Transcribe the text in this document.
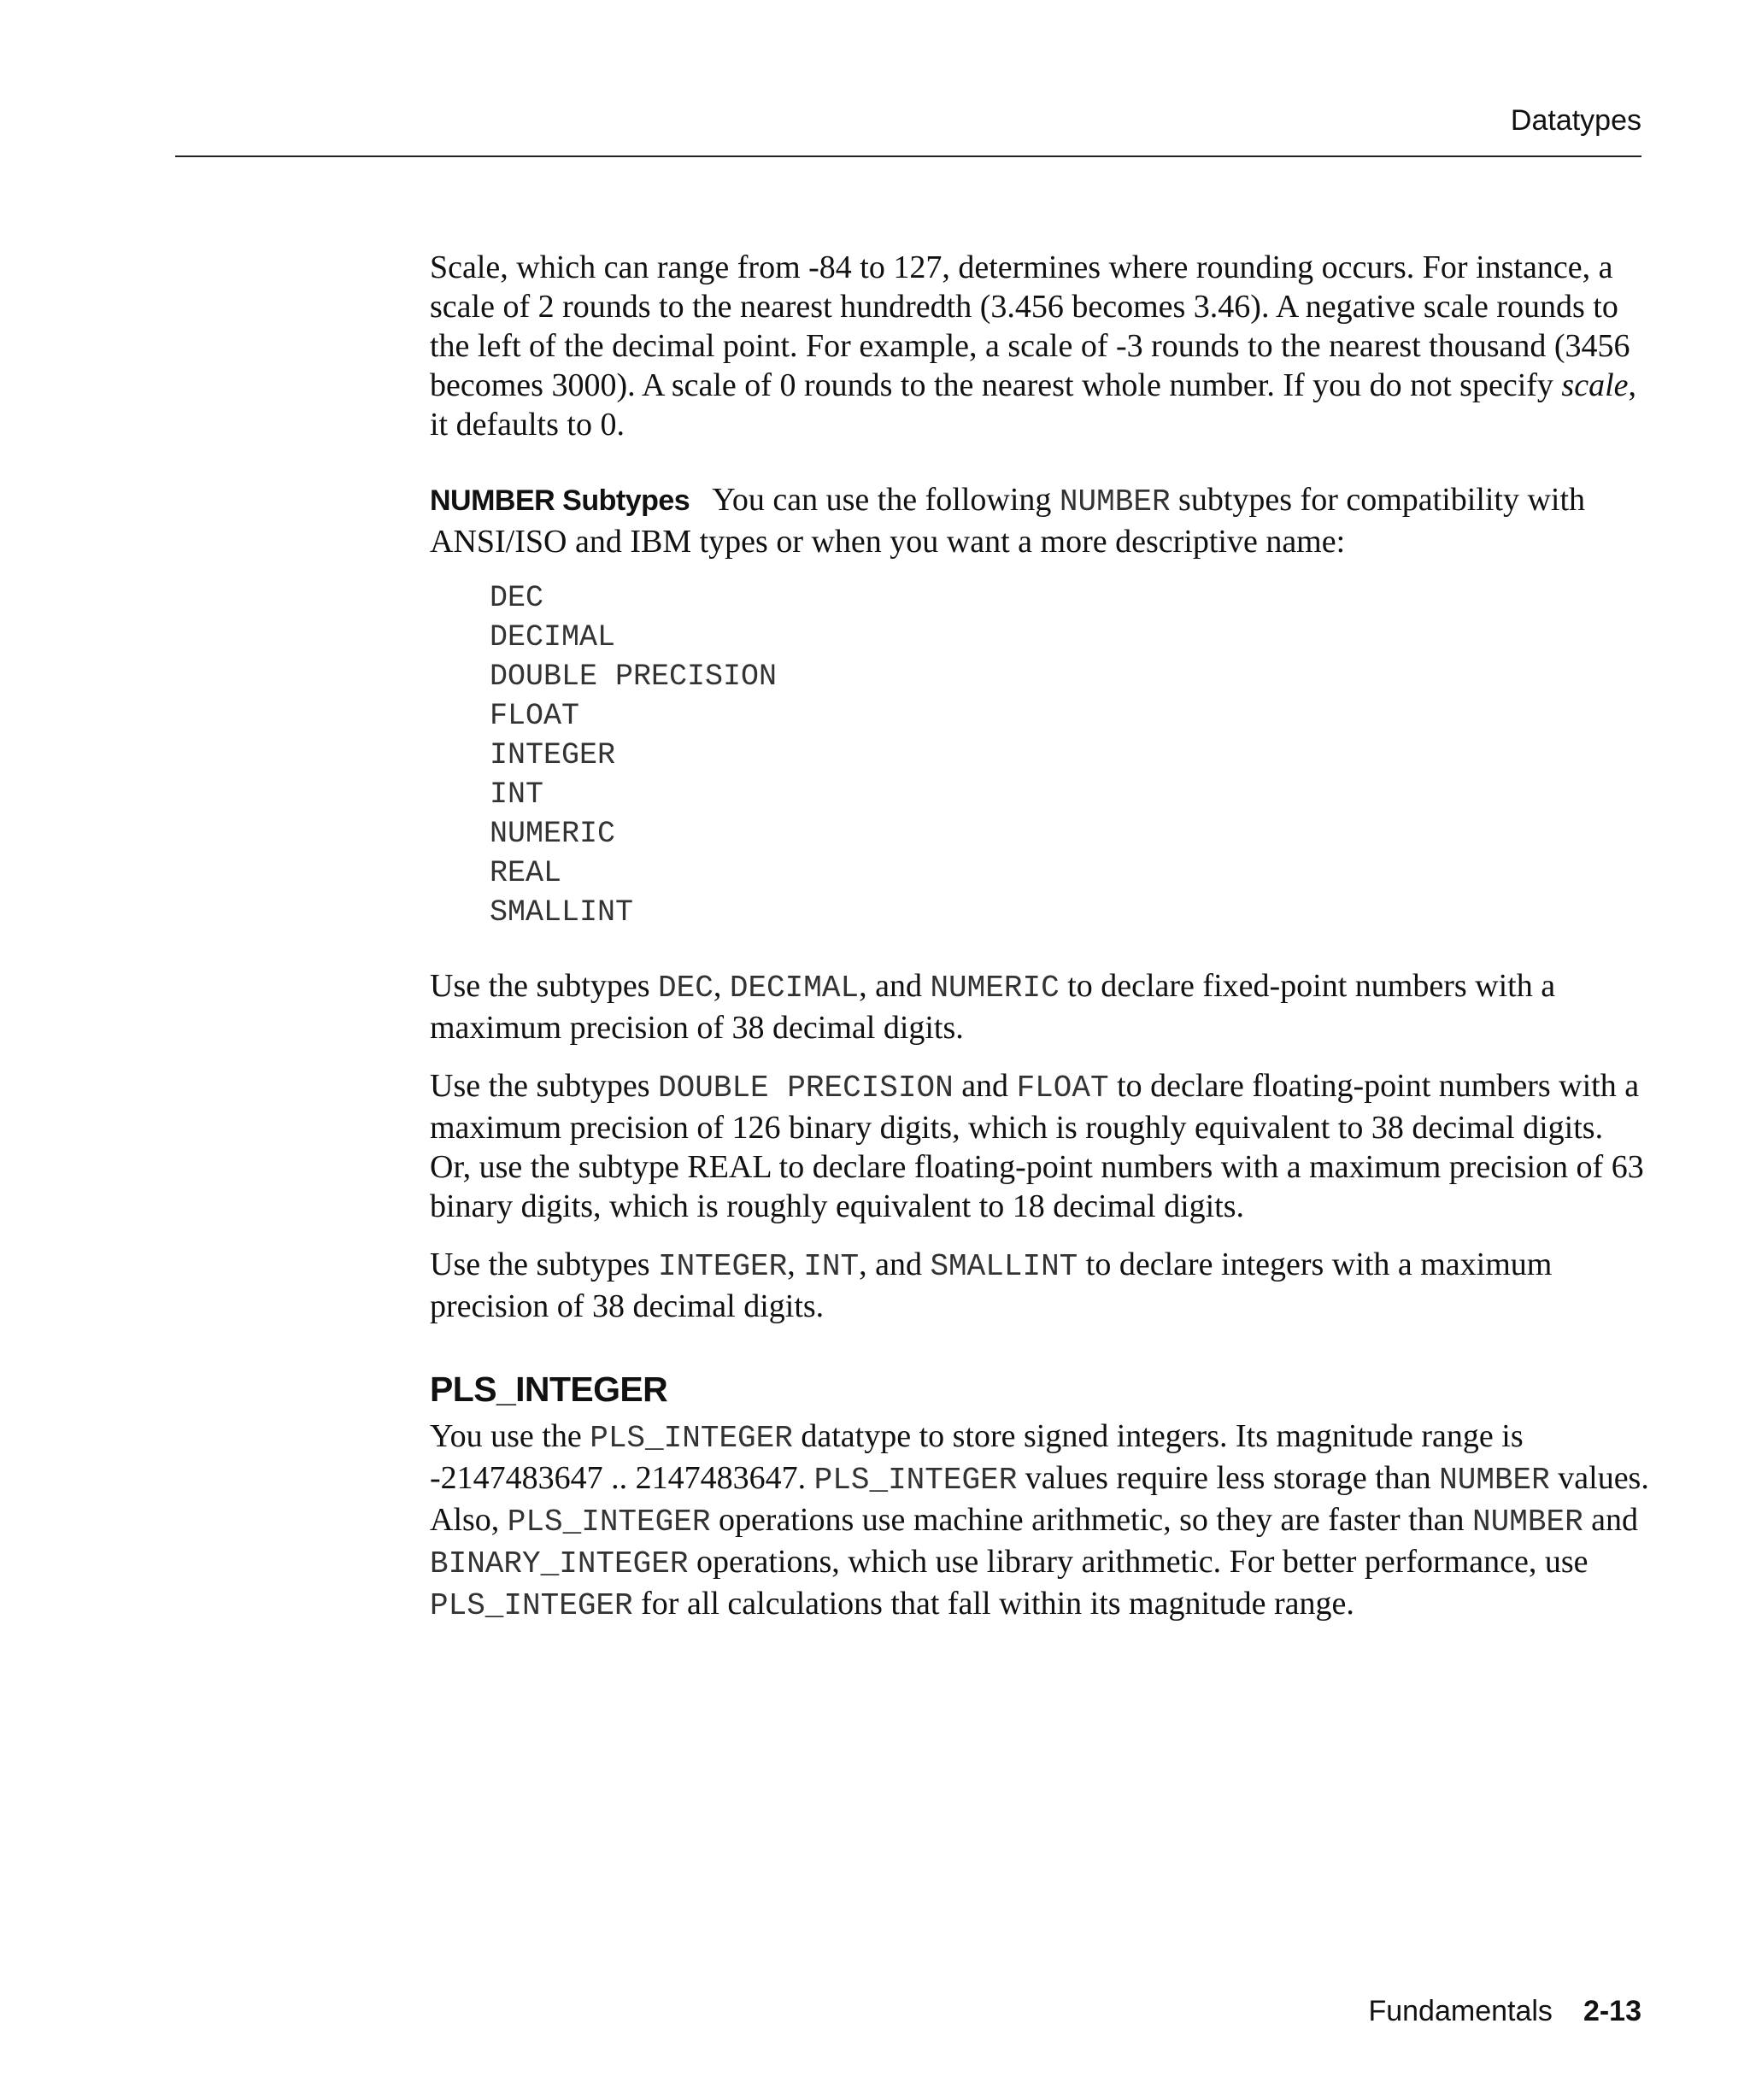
Datatypes

Scale, which can range from -84 to 127, determines where rounding occurs. For instance, a scale of 2 rounds to the nearest hundredth (3.456 becomes 3.46). A negative scale rounds to the left of the decimal point. For example, a scale of -3 rounds to the nearest thousand (3456 becomes 3000). A scale of 0 rounds to the nearest whole number. If you do not specify scale, it defaults to 0.

NUMBER Subtypes You can use the following NUMBER subtypes for compatibility with ANSI/ISO and IBM types or when you want a more descriptive name:

DEC
DECIMAL
DOUBLE PRECISION
FLOAT
INTEGER
INT
NUMERIC
REAL
SMALLINT

Use the subtypes DEC, DECIMAL, and NUMERIC to declare fixed-point numbers with a maximum precision of 38 decimal digits.

Use the subtypes DOUBLE PRECISION and FLOAT to declare floating-point numbers with a maximum precision of 126 binary digits, which is roughly equivalent to 38 decimal digits. Or, use the subtype REAL to declare floating-point numbers with a maximum precision of 63 binary digits, which is roughly equivalent to 18 decimal digits.

Use the subtypes INTEGER, INT, and SMALLINT to declare integers with a maximum precision of 38 decimal digits.

PLS_INTEGER

You use the PLS_INTEGER datatype to store signed integers. Its magnitude range is -2147483647 .. 2147483647. PLS_INTEGER values require less storage than NUMBER values. Also, PLS_INTEGER operations use machine arithmetic, so they are faster than NUMBER and BINARY_INTEGER operations, which use library arithmetic. For better performance, use PLS_INTEGER for all calculations that fall within its magnitude range.

Fundamentals 2-13
